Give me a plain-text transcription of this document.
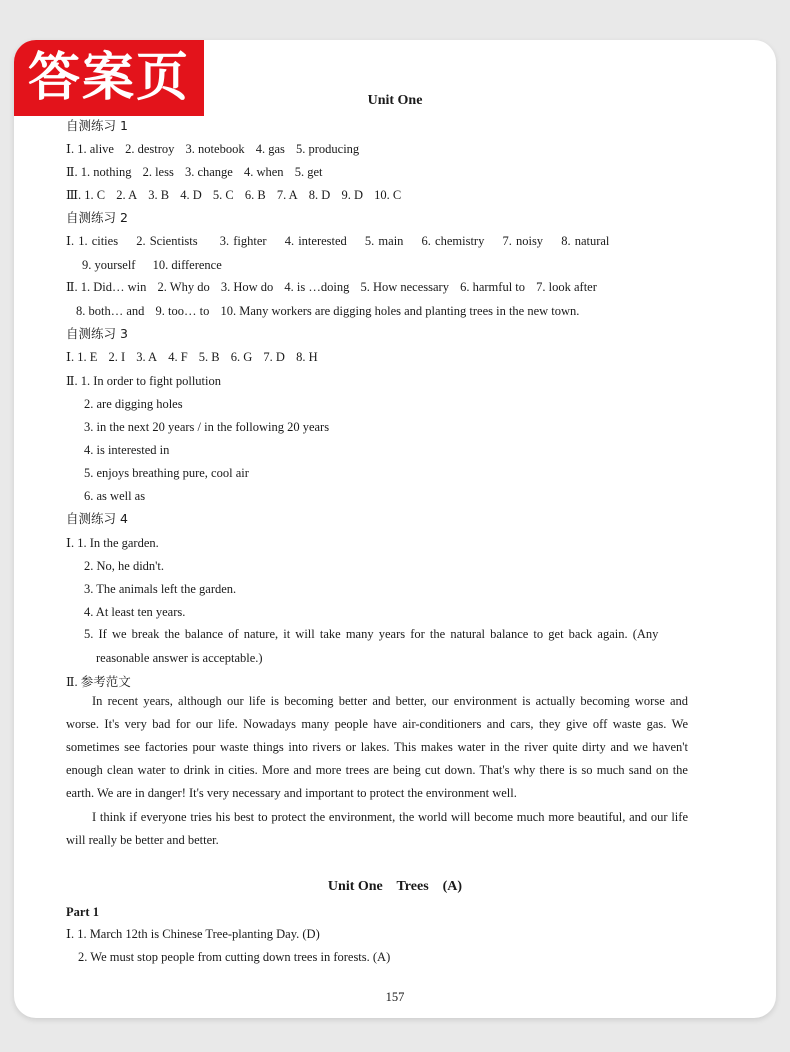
答案页	Unit One
自测练习 1
Ⅰ. 1. alive 2. destroy 3. notebook 4. gas 5. producing
Ⅱ. 1. nothing 2. less 3. change 4. when 5. get
Ⅲ. 1. C 2. A 3. B 4. D 5. C 6. B 7. A 8. D 9. D 10. C
自测练习 2
Ⅰ. 1. cities 2. Scientists 3. fighter 4. interested 5. main 6. chemistry 7. noisy 8. natural
9. yourself 10. difference
Ⅱ. 1. Did… win 2. Why do 3. How do 4. is …doing 5. How necessary 6. harmful to 7. look after
8. both… and 9. too… to 10. Many workers are digging holes and planting trees in the new town.
自测练习 3
Ⅰ. 1. E 2. I 3. A 4. F 5. B 6. G 7. D 8. H
Ⅱ. 1. In order to fight pollution
2. are digging holes
3. in the next 20 years / in the following 20 years
4. is interested in
5. enjoys breathing pure, cool air
6. as well as
自测练习 4
Ⅰ. 1. In the garden.
2. No, he didn't.
3. The animals left the garden.
4. At least ten years.
5. If we break the balance of nature, it will take many years for the natural balance to get back again. (Any
reasonable answer is acceptable.)
Ⅱ. 参考范文
In recent years, although our life is becoming better and better, our environment is actually becoming worse and worse. It's very bad for our life. Nowadays many people have air-conditioners and cars, they give off waste gas. We sometimes see factories pour waste things into rivers or lakes. This makes water in the river quite dirty and we haven't enough clean water to drink in cities. More and more trees are being cut down. That's why there is so much sand on the earth. We are in danger! It's very necessary and important to protect the environment well.
I think if everyone tries his best to protect the environment, the world will become much more beautiful, and our life will really be better and better.
Unit One    Trees    (A)
Part 1
Ⅰ. 1. March 12th is Chinese Tree-planting Day. (D)
2. We must stop people from cutting down trees in forests. (A)
157
